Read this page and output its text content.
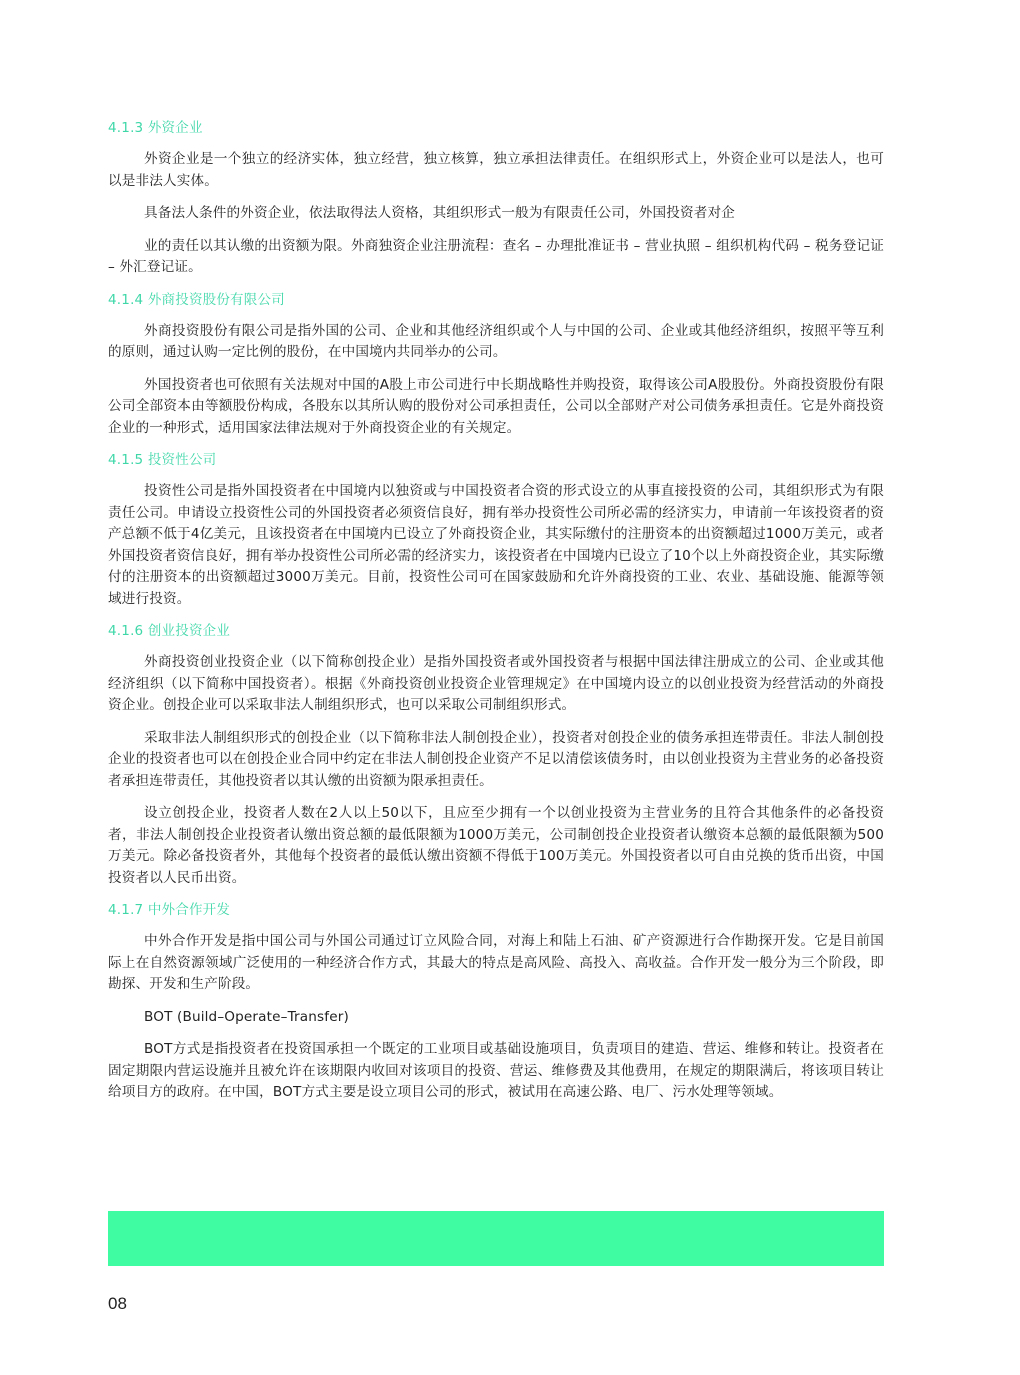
4.1.3 外资企业

外资企业是一个独立的经济实体，独立经营，独立核算，独立承担法律责任。在组织形式上，外资企业可以是法人，也可以是非法人实体。

具备法人条件的外资企业，依法取得法人资格，其组织形式一般为有限责任公司，外国投资者对企

业的责任以其认缴的出资额为限。外商独资企业注册流程：查名 – 办理批准证书 – 营业执照 – 组织机构代码 – 税务登记证 – 外汇登记证。

4.1.4 外商投资股份有限公司

外商投资股份有限公司是指外国的公司、企业和其他经济组织或个人与中国的公司、企业或其他经济组织，按照平等互利的原则，通过认购一定比例的股份，在中国境内共同举办的公司。

外国投资者也可依照有关法规对中国的A股上市公司进行中长期战略性并购投资，取得该公司A股股份。外商投资股份有限公司全部资本由等额股份构成，各股东以其所认购的股份对公司承担责任，公司以全部财产对公司债务承担责任。它是外商投资企业的一种形式，适用国家法律法规对于外商投资企业的有关规定。

4.1.5 投资性公司

投资性公司是指外国投资者在中国境内以独资或与中国投资者合资的形式设立的从事直接投资的公司，其组织形式为有限责任公司。申请设立投资性公司的外国投资者必须资信良好，拥有举办投资性公司所必需的经济实力，申请前一年该投资者的资产总额不低于4亿美元，且该投资者在中国境内已设立了外商投资企业，其实际缴付的注册资本的出资额超过1000万美元，或者外国投资者资信良好，拥有举办投资性公司所必需的经济实力，该投资者在中国境内已设立了10个以上外商投资企业，其实际缴付的注册资本的出资额超过3000万美元。目前，投资性公司可在国家鼓励和允许外商投资的工业、农业、基础设施、能源等领域进行投资。

4.1.6 创业投资企业

外商投资创业投资企业（以下简称创投企业）是指外国投资者或外国投资者与根据中国法律注册成立的公司、企业或其他经济组织（以下简称中国投资者）。根据《外商投资创业投资企业管理规定》在中国境内设立的以创业投资为经营活动的外商投资企业。创投企业可以采取非法人制组织形式，也可以采取公司制组织形式。

采取非法人制组织形式的创投企业（以下简称非法人制创投企业），投资者对创投企业的债务承担连带责任。非法人制创投企业的投资者也可以在创投企业合同中约定在非法人制创投企业资产不足以清偿该债务时，由以创业投资为主营业务的必备投资者承担连带责任，其他投资者以其认缴的出资额为限承担责任。

设立创投企业，投资者人数在2人以上50以下，且应至少拥有一个以创业投资为主营业务的且符合其他条件的必备投资者，非法人制创投企业投资者认缴出资总额的最低限额为1000万美元，公司制创投企业投资者认缴资本总额的最低限额为500万美元。除必备投资者外，其他每个投资者的最低认缴出资额不得低于100万美元。外国投资者以可自由兑换的货币出资，中国投资者以人民币出资。

4.1.7 中外合作开发

中外合作开发是指中国公司与外国公司通过订立风险合同，对海上和陆上石油、矿产资源进行合作勘探开发。它是目前国际上在自然资源领域广泛使用的一种经济合作方式，其最大的特点是高风险、高投入、高收益。合作开发一般分为三个阶段，即勘探、开发和生产阶段。

BOT (Build–Operate–Transfer)

BOT方式是指投资者在投资国承担一个既定的工业项目或基础设施项目，负责项目的建造、营运、维修和转让。投资者在固定期限内营运设施并且被允许在该期限内收回对该项目的投资、营运、维修费及其他费用，在规定的期限满后，将该项目转让给项目方的政府。在中国，BOT方式主要是设立项目公司的形式，被试用在高速公路、电厂、污水处理等领域。

08
